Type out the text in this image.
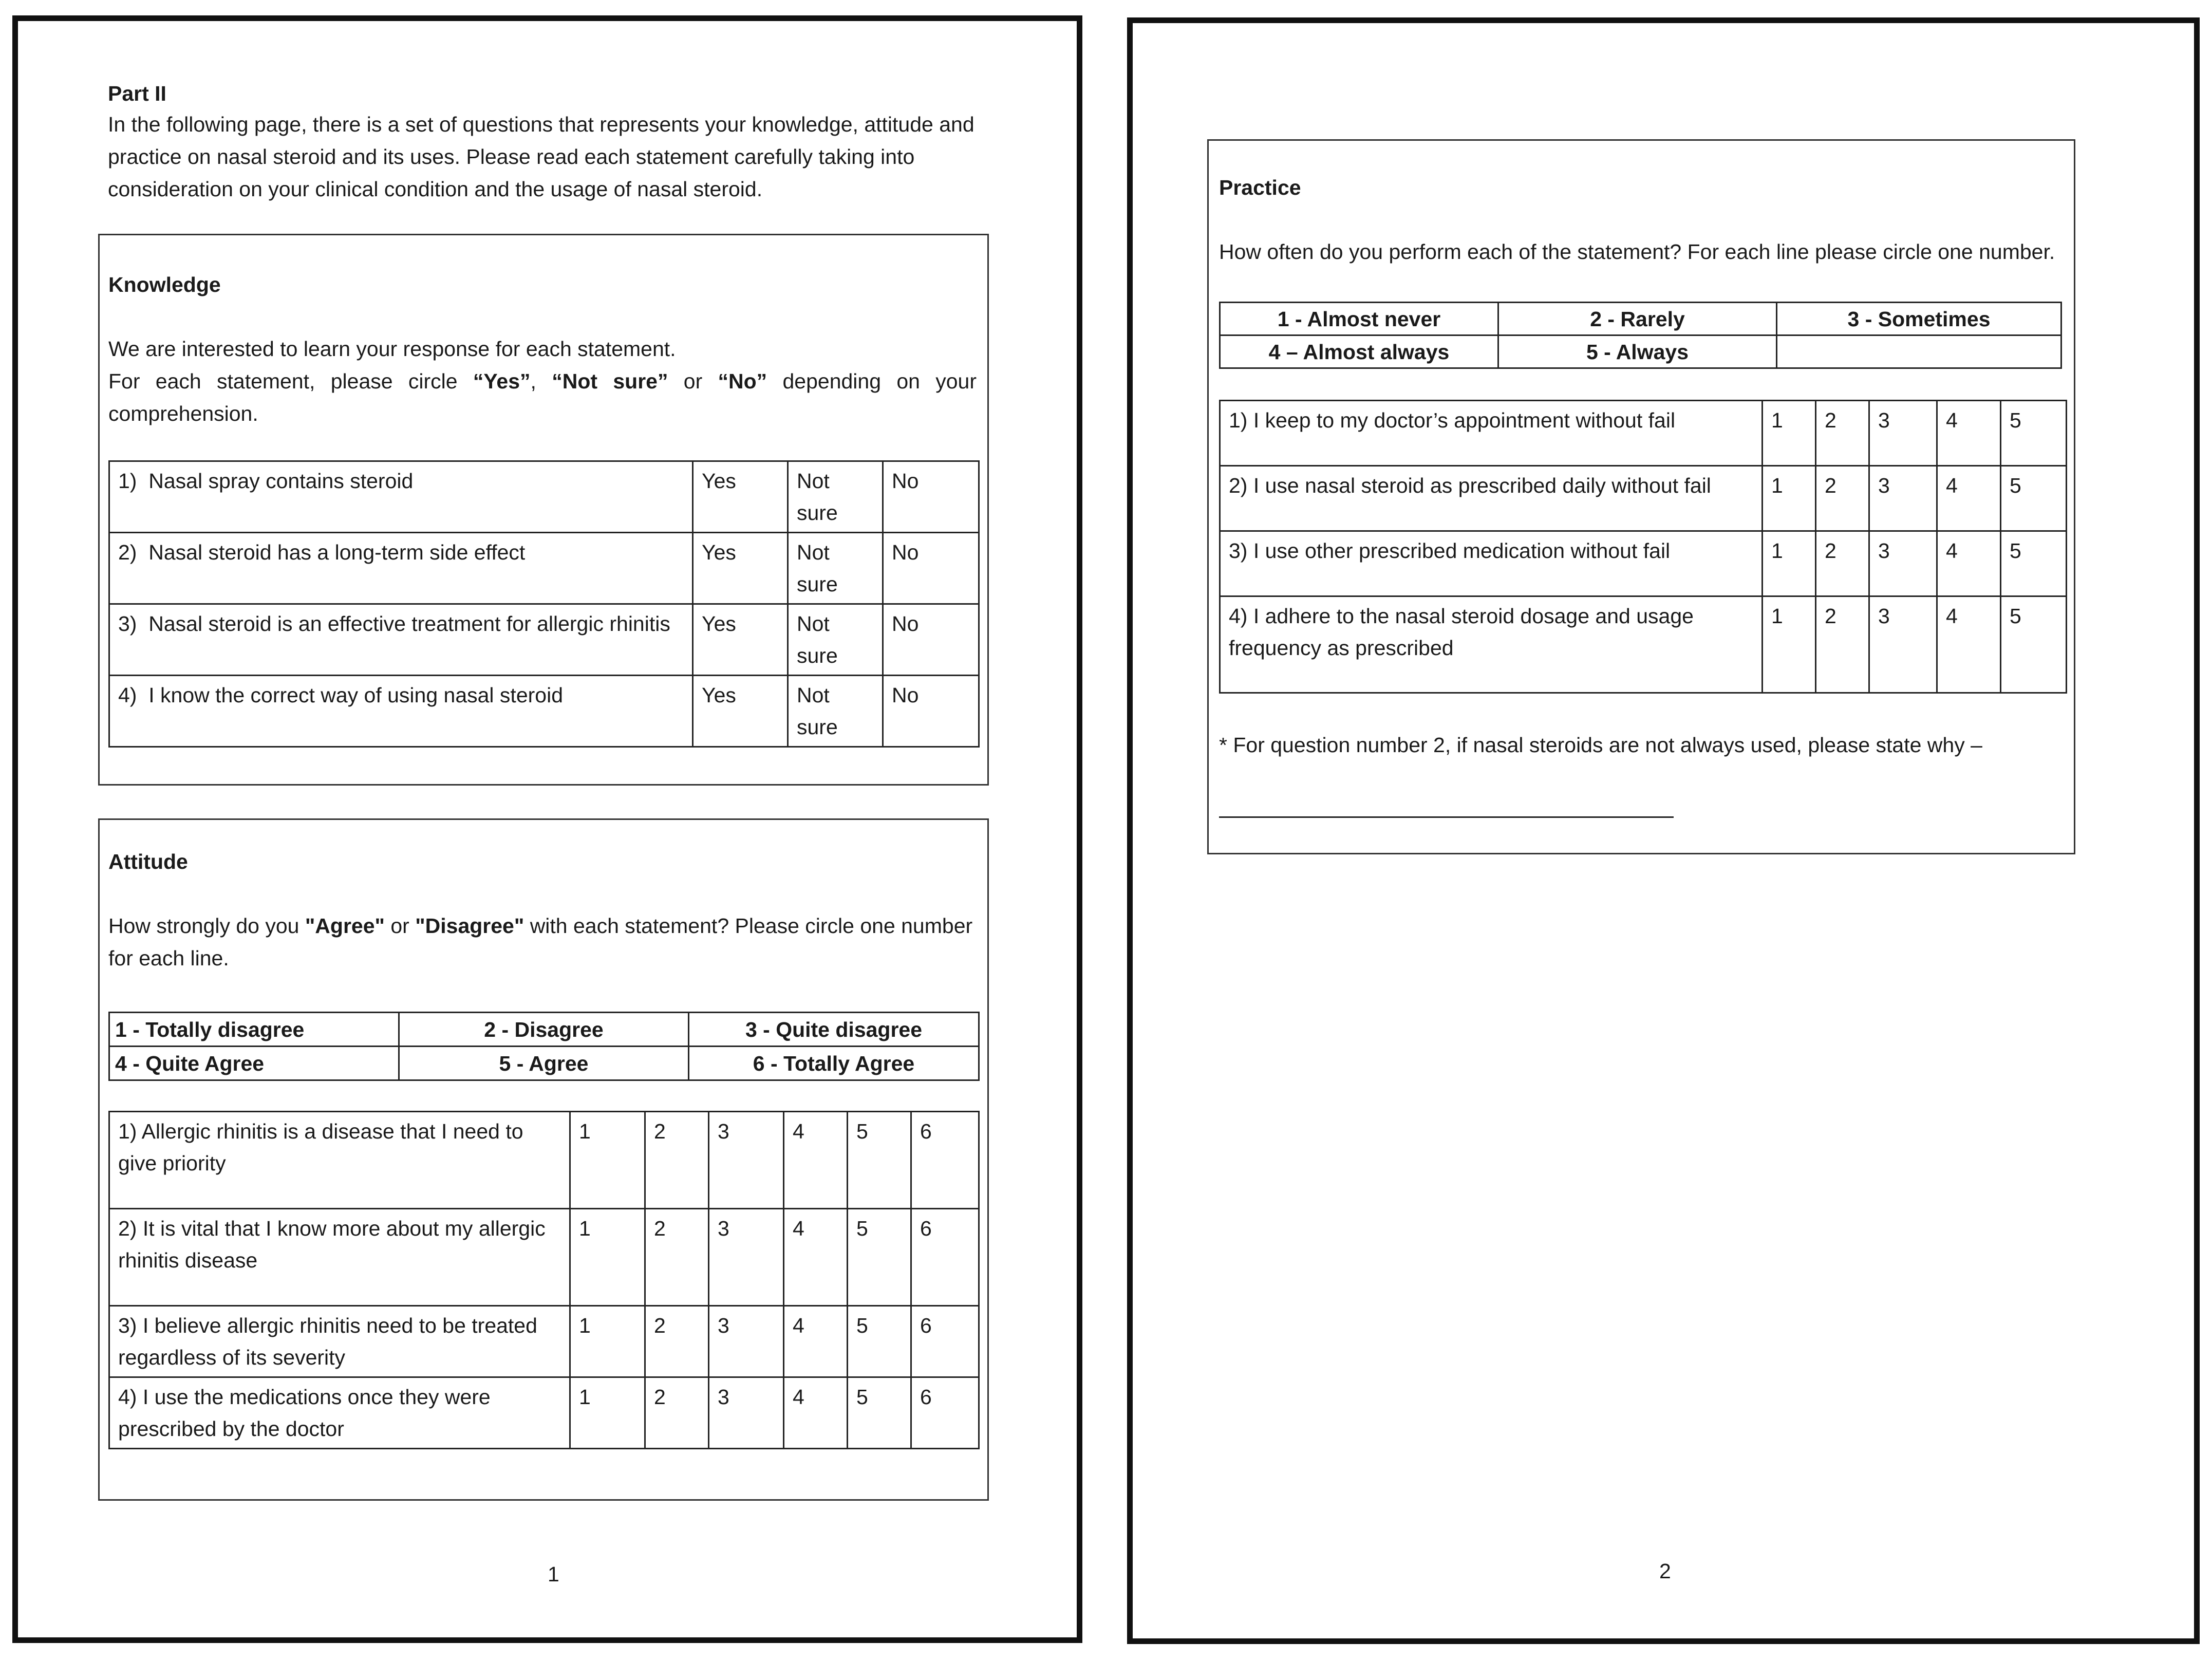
Part II
In the following page, there is a set of questions that represents your knowledge, attitude and practice on nasal steroid and its uses. Please read each statement carefully taking into consideration on your clinical condition and the usage of nasal steroid.
Knowledge
We are interested to learn your response for each statement.
For each statement, please circle “Yes”, “Not sure” or “No” depending on your comprehension.
1) Nasal spray contains steroid	Yes	Not sure	No
2) Nasal steroid has a long-term side effect	Yes	Not sure	No
3) Nasal steroid is an effective treatment for allergic rhinitis	Yes	Not sure	No
4) I know the correct way of using nasal steroid	Yes	Not sure	No
Attitude
How strongly do you "Agree" or "Disagree" with each statement? Please circle one number for each line.
1 - Totally disagree	2 - Disagree	3 - Quite disagree
4 - Quite Agree	5 - Agree	6 - Totally Agree
1) Allergic rhinitis is a disease that I need to give priority	1	2	3	4	5	6
2) It is vital that I know more about my allergic rhinitis disease	1	2	3	4	5	6
3) I believe allergic rhinitis need to be treated regardless of its severity	1	2	3	4	5	6
4) I use the medications once they were prescribed by the doctor	1	2	3	4	5	6
1
Practice
How often do you perform each of the statement? For each line please circle one number.
1 - Almost never	2 - Rarely	3 - Sometimes
4 – Almost always	5 - Always	
1) I keep to my doctor’s appointment without fail	1	2	3	4	5
2) I use nasal steroid as prescribed daily without fail	1	2	3	4	5
3) I use other prescribed medication without fail	1	2	3	4	5
4) I adhere to the nasal steroid dosage and usage frequency as prescribed	1	2	3	4	5
* For question number 2, if nasal steroids are not always used, please state why –
2
